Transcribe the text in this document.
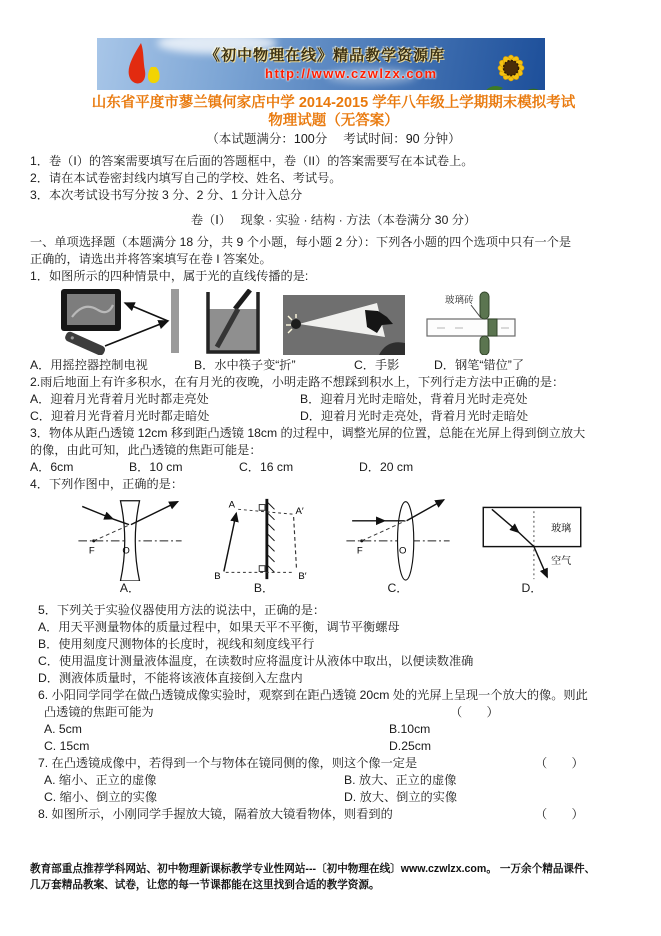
《初中物理在线》精品教学资源库
http://www.czwlzx.com
山东省平度市蓼兰镇何家店中学 2014-2015 学年八年级上学期期末模拟考试
物理试题（无答案）
（本试题满分：100分　 考试时间：90 分钟）
1．卷（I）的答案需要填写在后面的答题框中，卷（II）的答案需要写在本试卷上。
2．请在本试卷密封线内填写自己的学校、姓名、考试号。
3．本次考试设书写分按 3 分、2 分、1 分计入总分
卷（Ⅰ）　 现象 · 实验 · 结构 · 方法（本卷满分 30 分）
一、单项选择题（本题满分 18 分，共 9 个小题，每小题 2 分）：下列各小题的四个选项中只有一个是
正确的，请选出并将答案填写在卷 I 答案处。
1．如图所示的四种情景中，属于光的直线传播的是:
玻璃砖
A．用摇控器控制电视	B．水中筷子变“折”	C．手影	D．钢笔“错位”了
2.雨后地面上有许多积水，在有月光的夜晚，小明走路不想踩到积水上，下列行走方法中正确的是：
A．迎着月光背着月光时都走亮处	B．迎着月光时走暗处，背着月光时走亮处
C．迎着月光背着月光时都走暗处	D．迎着月光时走亮处，背着月光时走暗处
3．物体从距凸透镜 12cm 移到距凸透镜 18cm 的过程中，调整光屏的位置，总能在光屏上得到倒立放大
的像，由此可知，此凸透镜的焦距可能是：
A．6cm	B．10 cm	C．16 cm	D．20 cm
4．下列作图中，正确的是：
F	O
A
B
A′
B′
F	O
玻璃
空气
A．	B．	C．	D．
5．下列关于实验仪器使用方法的说法中，正确的是：
A．用天平测量物体的质量过程中，如果天平不平衡，调节平衡螺母
B．使用刻度尺测物体的长度时，视线和刻度线平行
C．使用温度计测量液体温度，在读数时应将温度计从液体中取出，以便读数准确
D．测液体质量时，不能将该液体直接倒入左盘内
6. 小阳同学同学在做凸透镜成像实验时，观察到在距凸透镜 20cm 处的光屏上呈现一个放大的像。则此
凸透镜的焦距可能为	（　　）
A. 5cm	B.10cm
C. 15cm	D.25cm
7. 在凸透镜成像中，若得到一个与物体在镜同侧的像，则这个像一定是	（　　）
A. 缩小、正立的虚像	B. 放大、正立的虚像
C. 缩小、倒立的实像	D. 放大、倒立的实像
8. 如图所示，小刚同学手握放大镜，隔着放大镜看物体，则看到的	（　　）
教育部重点推荐学科网站、初中物理新课标教学专业性网站---〔初中物理在线〕www.czwlzx.com。 一万余个精品课件、
几万套精品教案、试卷，让您的每一节课都能在这里找到合适的教学资源。
